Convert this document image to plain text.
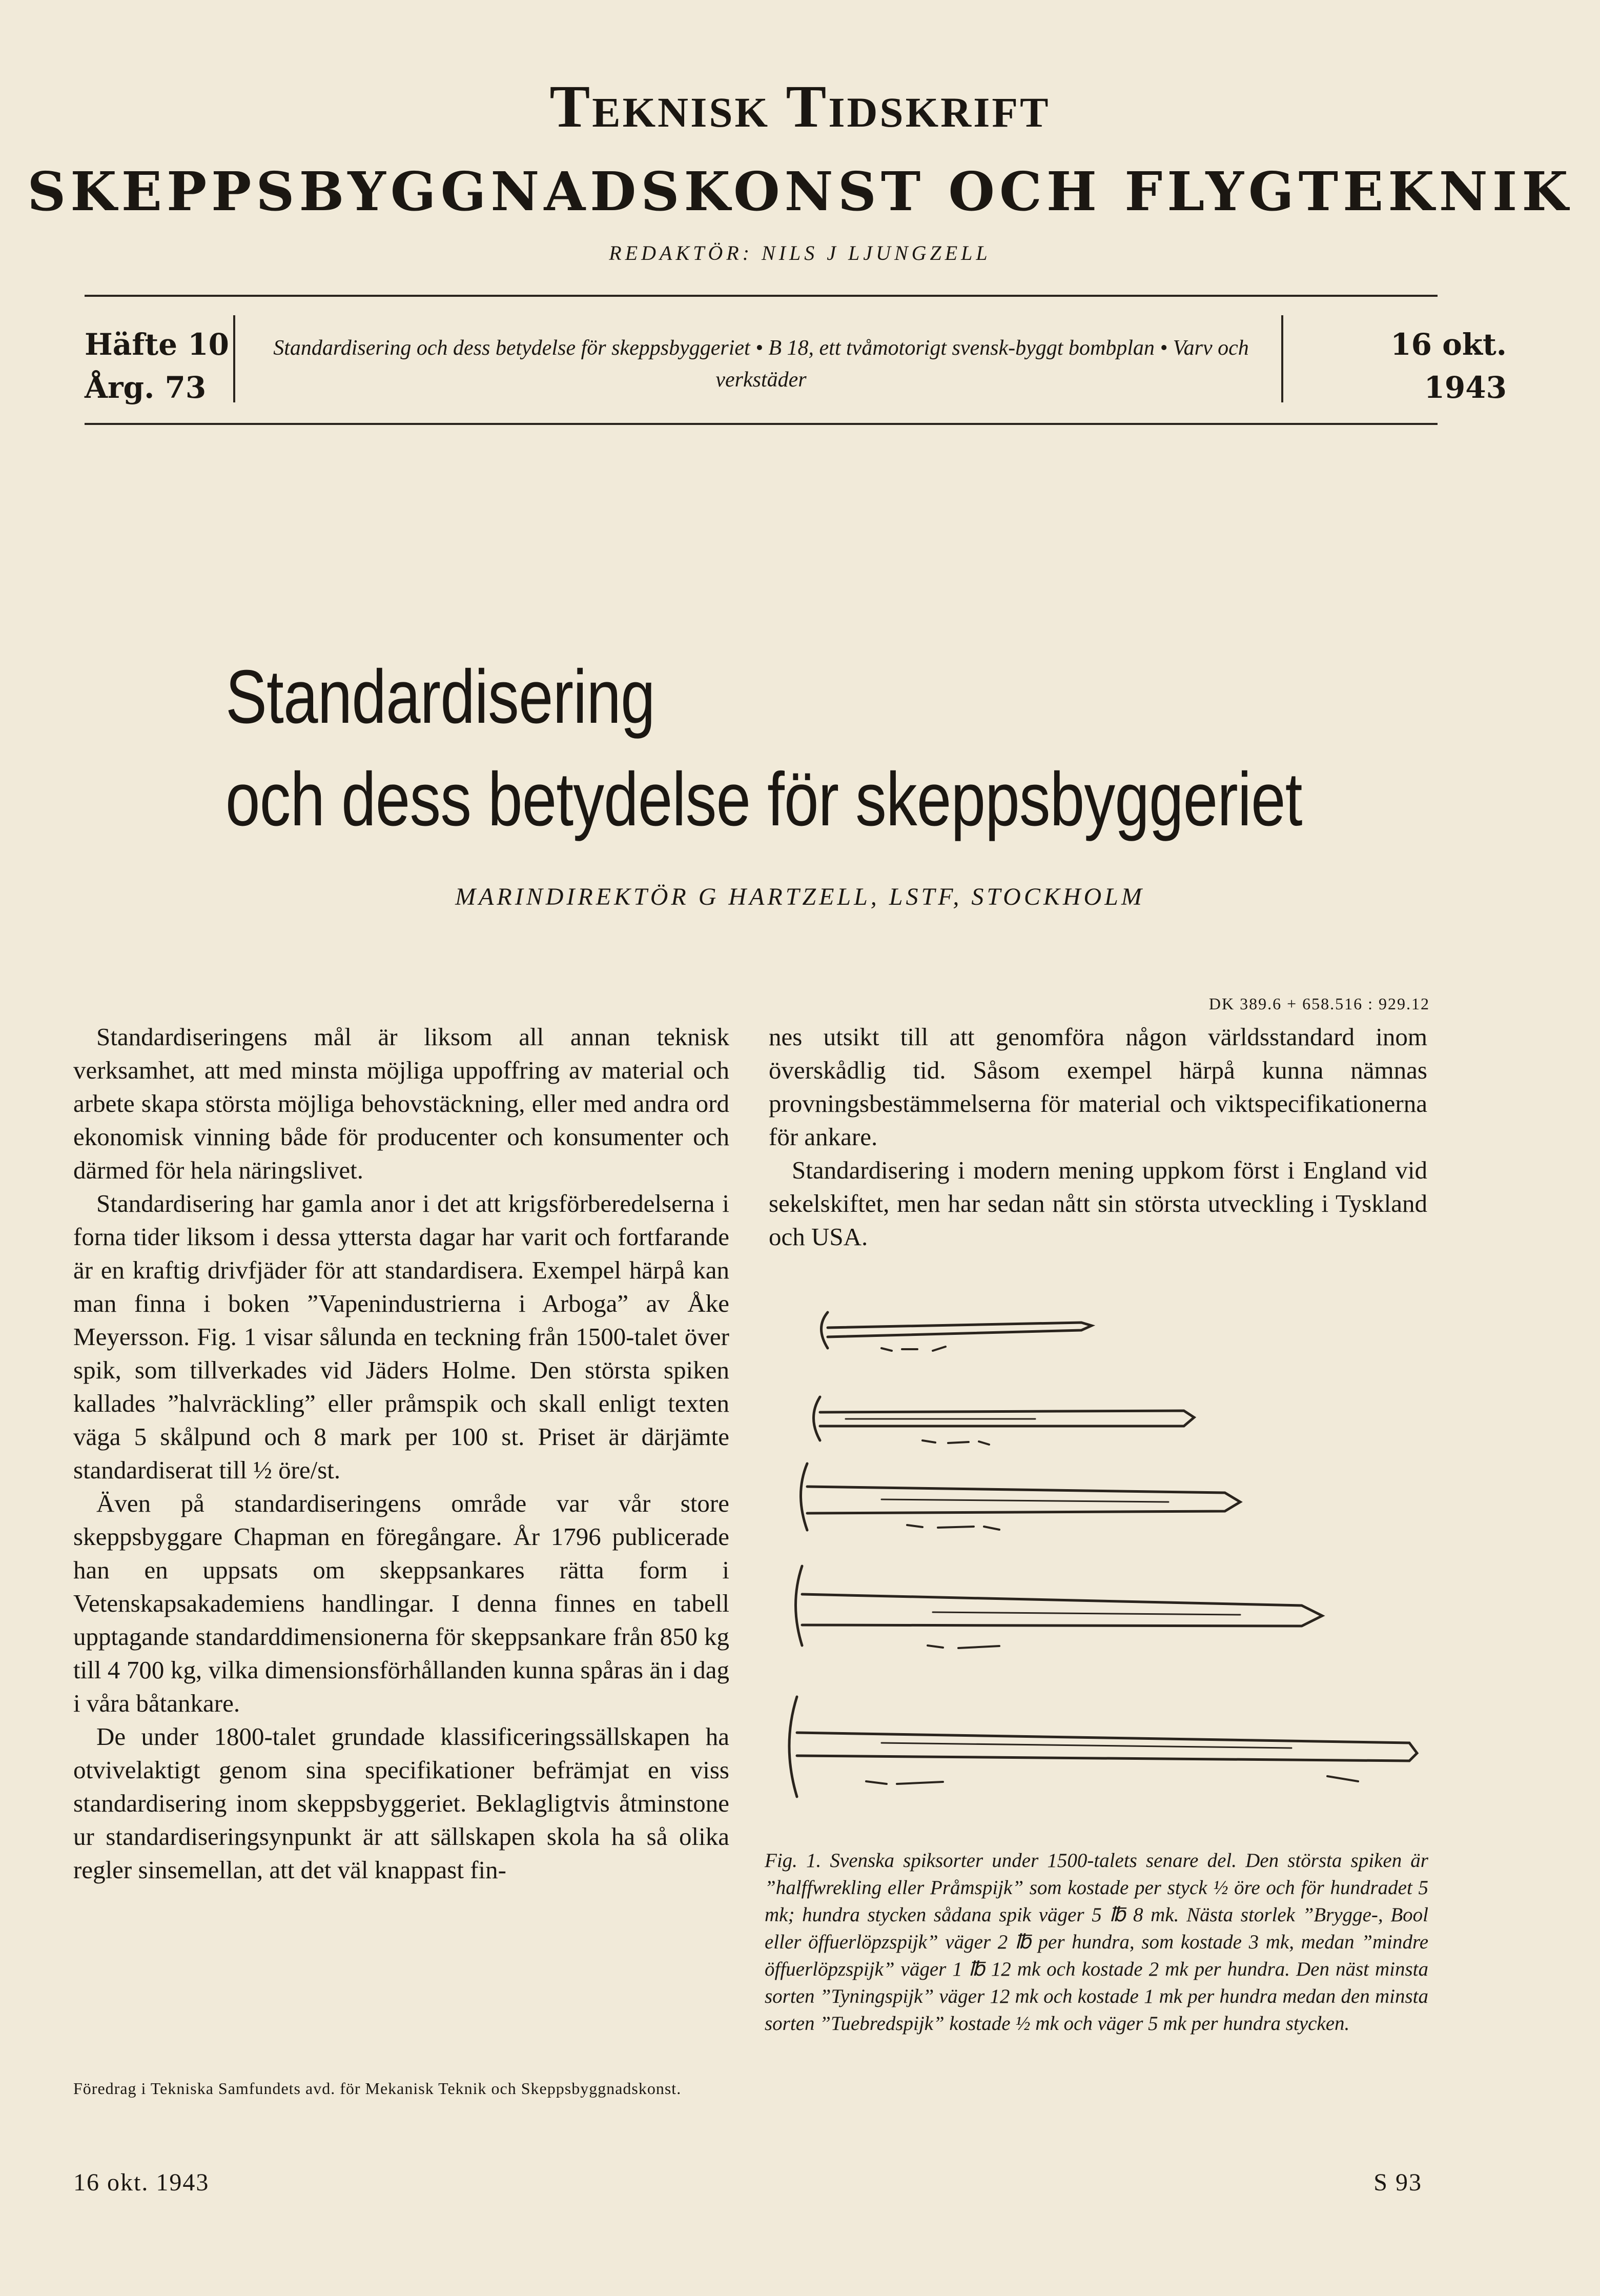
Teknisk Tidskrift
SKEPPSBYGGNADSKONST OCH FLYGTEKNIK
REDAKTÖR: NILS J LJUNGZELL
Häfte 10
Årg. 73
Standardisering och dess betydelse för skeppsbyggeriet • B 18, ett tvåmotorigt svensk-byggt bombplan • Varv och verkstäder
16 okt.
1943
Standardisering
och dess betydelse för skeppsbyggeriet
MARINDIREKTÖR G HARTZELL, LSTF, STOCKHOLM
DK 389.6 + 658.516 : 929.12

Standardiseringens mål är liksom all annan teknisk verksamhet, att med minsta möjliga uppoffring av material och arbete skapa största möjliga behovstäckning, eller med andra ord ekonomisk vinning både för producenter och konsumenter och därmed för hela näringslivet.

Standardisering har gamla anor i det att krigsförberedelserna i forna tider liksom i dessa yttersta dagar har varit och fortfarande är en kraftig drivfjäder för att standardisera. Exempel härpå kan man finna i boken ”Vapenindustrierna i Arboga” av Åke Meyersson. Fig. 1 visar sålunda en teckning från 1500-talet över spik, som tillverkades vid Jäders Holme. Den största spiken kallades ”halvräckling” eller pråmspik och skall enligt texten väga 5 skålpund och 8 mark per 100 st. Priset är därjämte standardiserat till ½ öre/st.

Även på standardiseringens område var vår store skeppsbyggare Chapman en föregångare. År 1796 publicerade han en uppsats om skeppsankares rätta form i Vetenskapsakademiens handlingar. I denna finnes en tabell upptagande standarddimensionerna för skeppsankare från 850 kg till 4 700 kg, vilka dimensionsförhållanden kunna spåras än i dag i våra båtankare.

De under 1800-talet grundade klassificeringssällskapen ha otvivelaktigt genom sina specifikationer befrämjat en viss standardisering inom skeppsbyggeriet. Beklagligtvis åtminstone ur standardiseringsynpunkt är att sällskapen skola ha så olika regler sinsemellan, att det väl knappast fin-

nes utsikt till att genomföra någon världsstandard inom överskådlig tid. Såsom exempel härpå kunna nämnas provningsbestämmelserna för material och viktspecifikationerna för ankare.

Standardisering i modern mening uppkom först i England vid sekelskiftet, men har sedan nått sin största utveckling i Tyskland och USA.

Fig. 1. Svenska spiksorter under 1500-talets senare del. Den största spiken är ”halffwrekling eller Pråmspijk” som kostade per styck ½ öre och för hundradet 5 mk; hundra stycken sådana spik väger 5 ℔ 8 mk. Nästa storlek ”Brygge-, Bool eller öffuerlöpzspijk” väger 2 ℔ per hundra, som kostade 3 mk, medan ”mindre öffuerlöpzspijk” väger 1 ℔ 12 mk och kostade 2 mk per hundra. Den näst minsta sorten ”Tyningspijk” väger 12 mk och kostade 1 mk per hundra medan den minsta sorten ”Tuebredspijk” kostade ½ mk och väger 5 mk per hundra stycken.
Föredrag i Tekniska Samfundets avd. för Mekanisk Teknik och Skeppsbyggnadskonst.
16 okt. 1943	S 93
